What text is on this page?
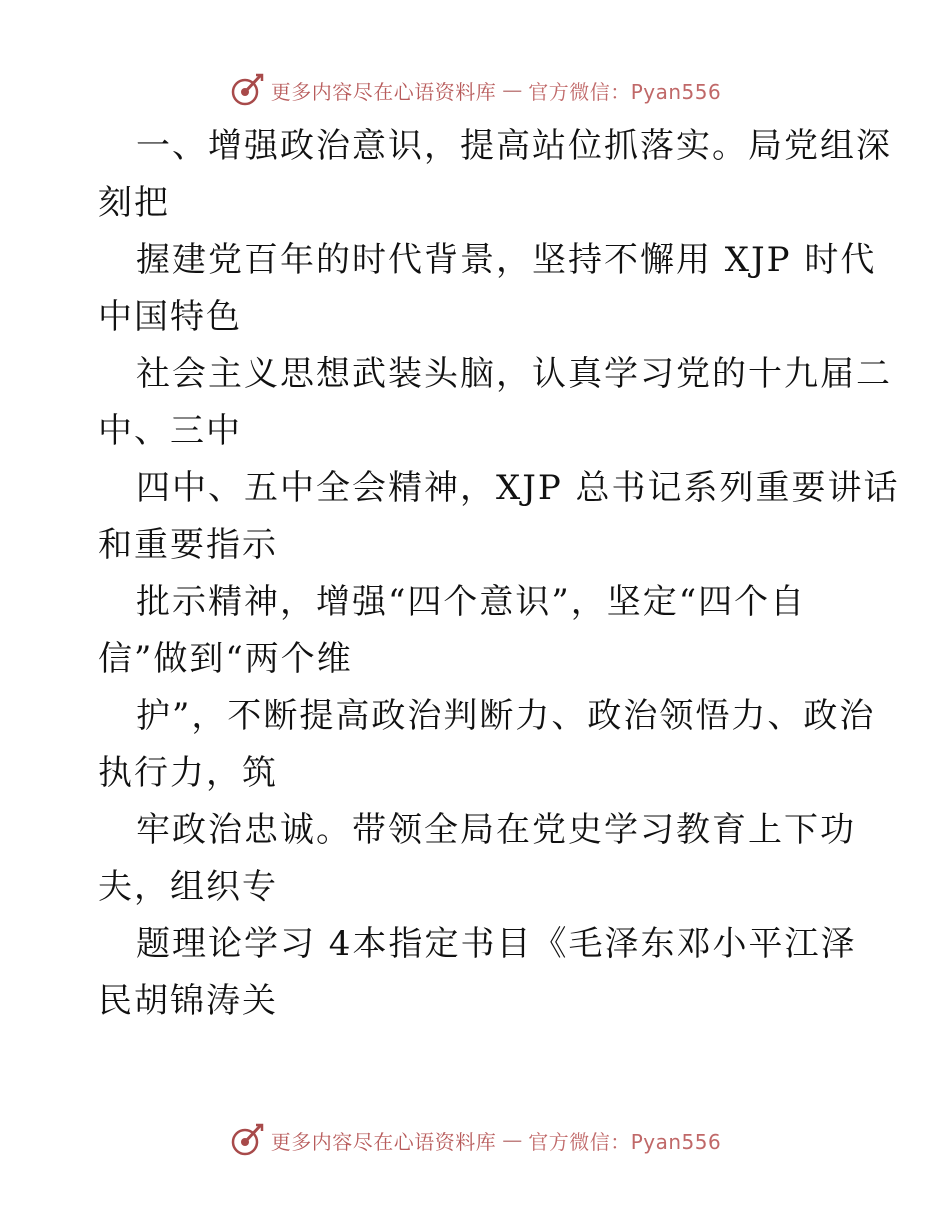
更多内容尽在心语资料库 — 官方微信：Pyan556
一、增强政治意识，提高站位抓落实。局党组深
刻把
握建党百年的时代背景，坚持不懈用 XJP 时代
中国特色
社会主义思想武装头脑，认真学习党的十九届二
中、三中
四中、五中全会精神，XJP 总书记系列重要讲话
和重要指示
批示精神，增强“四个意识”，坚定“四个自
信”做到“两个维
护”，不断提高政治判断力、政治领悟力、政治
执行力，筑
牢政治忠诚。带领全局在党史学习教育上下功
夫，组织专
题理论学习 4本指定书目《毛泽东邓小平江泽
民胡锦涛关
更多内容尽在心语资料库 — 官方微信：Pyan556
